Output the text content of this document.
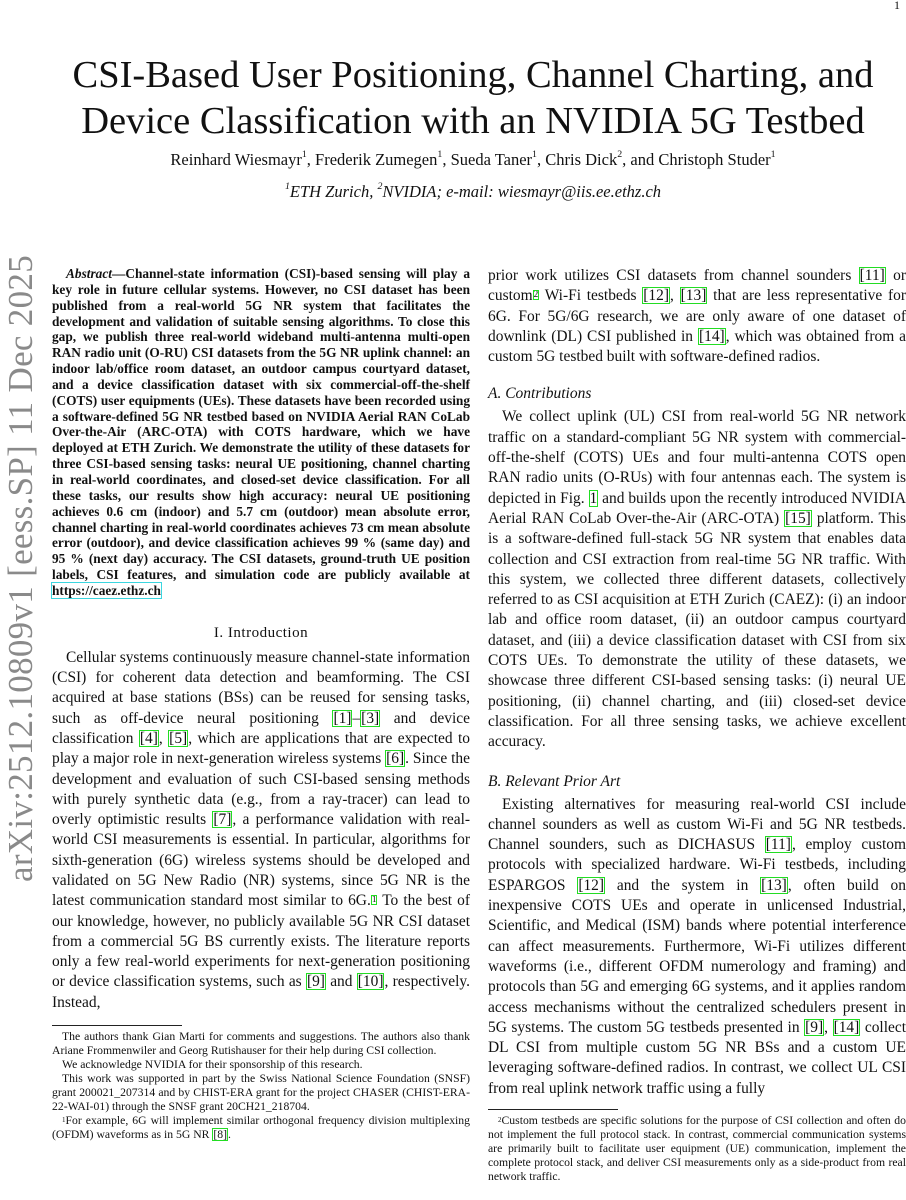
1
arXiv:2512.10809v1 [eess.SP] 11 Dec 2025
CSI-Based User Positioning, Channel Charting, and
Device Classification with an NVIDIA 5G Testbed
Reinhard Wiesmayr$^1$, Frederik Zumegen$^1$, Sueda Taner$^1$, Chris Dick$^2$, and Christoph Studer$^1$
$^1$ETH Zurich, $^2$NVIDIA; e-mail: wiesmayr@iis.ee.ethz.ch

Abstract—Channel-state information (CSI)-based sensing will play a key role in future cellular systems. However, no CSI dataset has been published from a real-world 5G NR system that facilitates the development and validation of suitable sensing algorithms. To close this gap, we publish three real-world wideband multi-antenna multi-open RAN radio unit (O-RU) CSI datasets from the 5G NR uplink channel: an indoor lab/office room dataset, an outdoor campus courtyard dataset, and a device classification dataset with six commercial-off-the-shelf (COTS) user equipments (UEs). These datasets have been recorded using a software-defined 5G NR testbed based on NVIDIA Aerial RAN CoLab Over-the-Air (ARC-OTA) with COTS hardware, which we have deployed at ETH Zurich. We demonstrate the utility of these datasets for three CSI-based sensing tasks: neural UE positioning, channel charting in real-world coordinates, and closed-set device classification. For all these tasks, our results show high accuracy: neural UE positioning achieves 0.6 cm (indoor) and 5.7 cm (outdoor) mean absolute error, channel charting in real-world coordinates achieves 73 cm mean absolute error (outdoor), and device classification achieves 99 % (same day) and 95 % (next day) accuracy. The CSI datasets, ground-truth UE position labels, CSI features, and simulation code are publicly available at https://caez.ethz.ch

I. Introduction

Cellular systems continuously measure channel-state information (CSI) for coherent data detection and beamforming. The CSI acquired at base stations (BSs) can be reused for sensing tasks, such as off-device neural positioning [1]–[3] and device classification [4], [5], which are applications that are expected to play a major role in next-generation wireless systems [6]. Since the development and evaluation of such CSI-based sensing methods with purely synthetic data (e.g., from a ray-tracer) can lead to overly optimistic results [7], a performance validation with real-world CSI measurements is essential. In particular, algorithms for sixth-generation (6G) wireless systems should be developed and validated on 5G New Radio (NR) systems, since 5G NR is the latest communication standard most similar to 6G.$^1$ To the best of our knowledge, however, no publicly available 5G NR CSI dataset from a commercial 5G BS currently exists. The literature reports only a few real-world experiments for next-generation positioning or device classification systems, such as [9] and [10], respectively. Instead,

The authors thank Gian Marti for comments and suggestions. The authors also thank Ariane Frommenwiler and Georg Rutishauser for their help during CSI collection.

We acknowledge NVIDIA for their sponsorship of this research.

This work was supported in part by the Swiss National Science Foundation (SNSF) grant 200021_207314 and by CHIST-ERA grant for the project CHASER (CHIST-ERA-22-WAI-01) through the SNSF grant 20CH21_218704.

$^1$For example, 6G will implement similar orthogonal frequency division multiplexing (OFDM) waveforms as in 5G NR [8].

prior work utilizes CSI datasets from channel sounders [11] or custom$^2$ Wi-Fi testbeds [12], [13] that are less representative for 6G. For 5G/6G research, we are only aware of one dataset of downlink (DL) CSI published in [14], which was obtained from a custom 5G testbed built with software-defined radios.

A. Contributions

We collect uplink (UL) CSI from real-world 5G NR network traffic on a standard-compliant 5G NR system with commercial-off-the-shelf (COTS) UEs and four multi-antenna COTS open RAN radio units (O-RUs) with four antennas each. The system is depicted in Fig. 1 and builds upon the recently introduced NVIDIA Aerial RAN CoLab Over-the-Air (ARC-OTA) [15] platform. This is a software-defined full-stack 5G NR system that enables data collection and CSI extraction from real-time 5G NR traffic. With this system, we collected three different datasets, collectively referred to as CSI acquisition at ETH Zurich (CAEZ): (i) an indoor lab and office room dataset, (ii) an outdoor campus courtyard dataset, and (iii) a device classification dataset with CSI from six COTS UEs. To demonstrate the utility of these datasets, we showcase three different CSI-based sensing tasks: (i) neural UE positioning, (ii) channel charting, and (iii) closed-set device classification. For all three sensing tasks, we achieve excellent accuracy.

B. Relevant Prior Art

Existing alternatives for measuring real-world CSI include channel sounders as well as custom Wi-Fi and 5G NR testbeds. Channel sounders, such as DICHASUS [11], employ custom protocols with specialized hardware. Wi-Fi testbeds, including ESPARGOS [12] and the system in [13], often build on inexpensive COTS UEs and operate in unlicensed Industrial, Scientific, and Medical (ISM) bands where potential interference can affect measurements. Furthermore, Wi-Fi utilizes different waveforms (i.e., different OFDM numerology and framing) and protocols than 5G and emerging 6G systems, and it applies random access mechanisms without the centralized schedulers present in 5G systems. The custom 5G testbeds presented in [9], [14] collect DL CSI from multiple custom 5G NR BSs and a custom UE leveraging software-defined radios. In contrast, we collect UL CSI from real uplink network traffic using a fully

$^2$Custom testbeds are specific solutions for the purpose of CSI collection and often do not implement the full protocol stack. In contrast, commercial communication systems are primarily built to facilitate user equipment (UE) communication, implement the complete protocol stack, and deliver CSI measurements only as a side-product from real network traffic.
